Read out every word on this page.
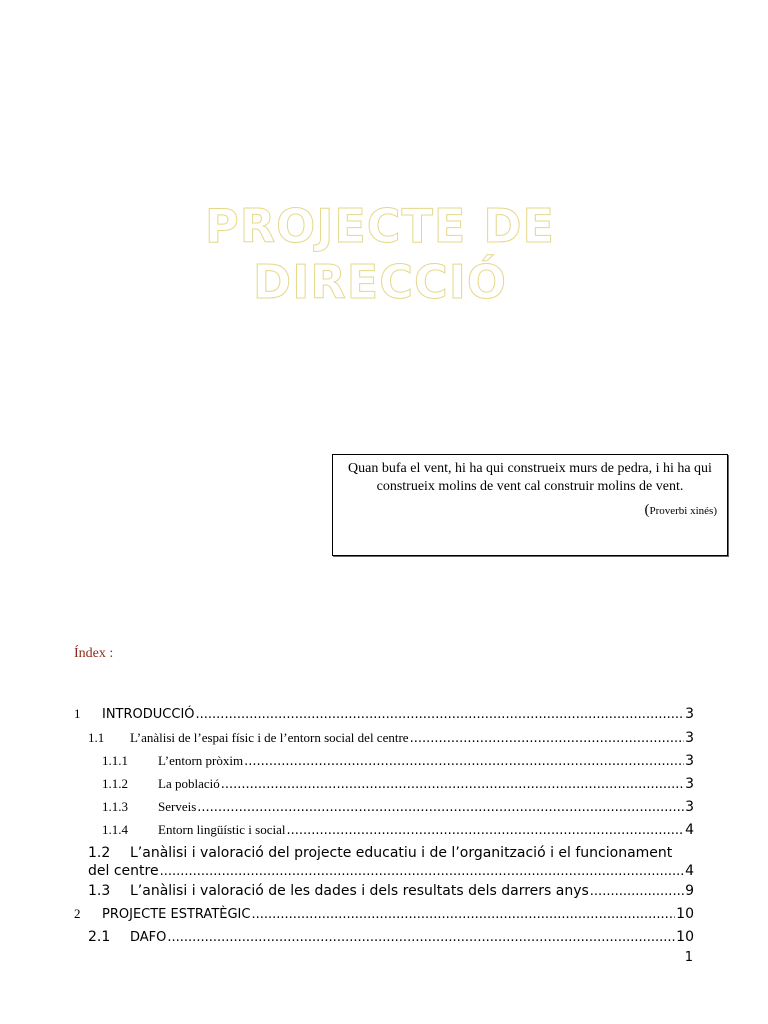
PROJECTE DE
DIRECCIÓ
Quan bufa el vent, hi ha qui construeix murs de pedra, i hi ha qui construeix molins de vent cal construir molins de vent.
(Proverbi xinés)
Índex :
1	INTRODUCCIÓ .....	3
1.1	L’anàlisi de l’espai físic i de l’entorn social del centre .....	3
1.1.1	L’entorn pròxim .....	3
1.1.2	La població .....	3
1.1.3	Serveis .....	3
1.1.4	Entorn lingüístic i social .....	4
1.2	L’anàlisi i valoració del projecte educatiu i de l’organització i el funcionament
del centre .....	4
1.3	L’anàlisi i valoració de les dades i dels resultats dels darrers anys .....	9
2	PROJECTE ESTRATÈGIC .....	10
2.1	DAFO .....	10
1
